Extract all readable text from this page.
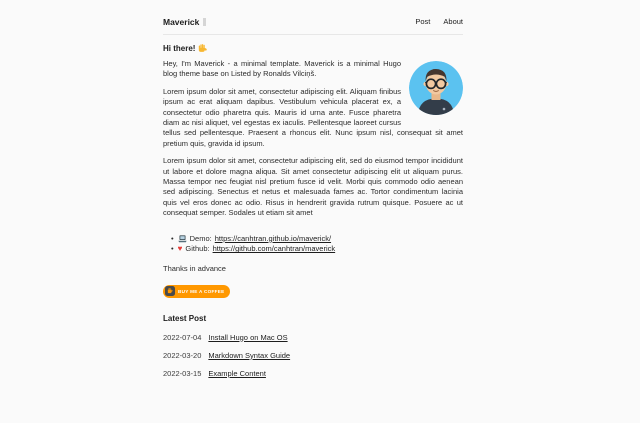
Maverick	Post About
Hi there!

Hey, I'm Maverick - a minimal template. Maverick is a minimal Hugo blog theme base on Listed by Ronalds Vilciņš.

Lorem ipsum dolor sit amet, consectetur adipiscing elit. Aliquam finibus ipsum ac erat aliquam dapibus. Vestibulum vehicula placerat ex, a consectetur odio pharetra quis. Mauris id urna ante. Fusce pharetra diam ac nisi aliquet, vel egestas ex iaculis. Pellentesque laoreet cursus tellus sed pellentesque. Praesent a rhoncus elit. Nunc ipsum nisl, consequat sit amet pretium quis, gravida id ipsum.

Lorem ipsum dolor sit amet, consectetur adipiscing elit, sed do eiusmod tempor incididunt ut labore et dolore magna aliqua. Sit amet consectetur adipiscing elit ut aliquam purus. Massa tempor nec feugiat nisl pretium fusce id velit. Morbi quis commodo odio aenean sed adipiscing. Senectus et netus et malesuada fames ac. Tortor condimentum lacinia quis vel eros donec ac odio. Risus in hendrerit gravida rutrum quisque. Posuere ac ut consequat semper. Sodales ut etiam sit amet

• Demo: https://canhtran.github.io/maverick/
• ♥ Github: https://github.com/canhtran/maverick

Thanks in advance

BUY ME A COFFEE
Latest Post
2022-07-04 Install Hugo on Mac OS
2022-03-20 Markdown Syntax Guide
2022-03-15 Example Content
